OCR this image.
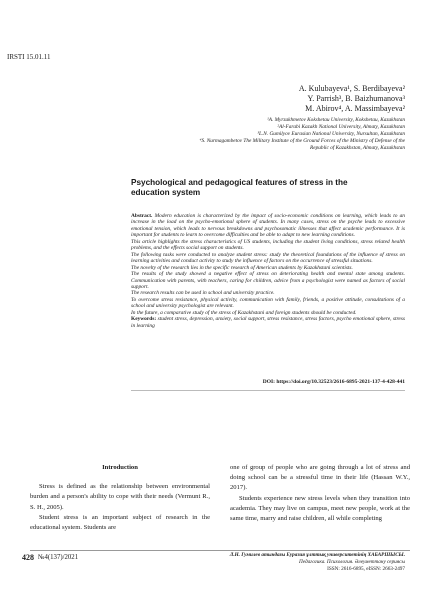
IRSTI 15.01.11
A. Kulubayeva¹, S. Berdibayeva²
Y. Parrish³, B. Baizhumanova³
M. Abirov⁴, A. Massimbayeva²
¹A. Myrzakhmetov Kokshetau University, Kokshetau, Kazakhstan
²Al-Farabi Kazakh National University, Almaty, Kazakhstan
³L.N. Gumilyov Eurasian National University, Nursultan, Kazakhstan
⁴S. Nurmagambetov The Military Institute of the Ground Forces of the Ministry of Defense of the
Republic of Kazakhstan, Almaty, Kazakhstan
Psychological and pedagogical features of stress in the education system

Abstract. Modern education is characterized by the impact of socio-economic conditions on learning, which leads to an increase in the load on the psycho-emotional sphere of students. In many cases, stress on the psyche leads to excessive emotional tension, which leads to nervous breakdowns and psychosomatic illnesses that affect academic performance. It is important for students to learn to overcome difficulties and be able to adapt to new learning conditions.

This article highlights the stress characteristics of US students, including the student living conditions, stress related health problems, and the effects social support on students.

The following tasks were conducted to analyze student stress: study the theoretical foundations of the influence of stress on learning activities and conduct activity to study the influence of factors on the occurrence of stressful situations.

The novelty of the research lies in the specific research of American students by Kazakhstani scientists.

The results of the study showed a negative effect of stress on deteriorating health and mental state among students. Communication with parents, with teachers, caring for children, advice from a psychologist were named as factors of social support.

The research results can be used in school and university practice.

To overcome stress resistance, physical activity, communication with family, friends, a positive attitude, consultations of a school and university psychologist are relevant.

In the future, a comparative study of the stress of Kazakhstani and foreign students should be conducted.

Keywords: student stress, depression, anxiety, social support, stress resistance, stress factors, psycho emotional sphere, stress in learning

DOI: https://doi.org/10.32523/2616-6895-2021-137-4-428-441

Introduction

Stress is defined as the relationship between environmental burden and a person's ability to cope with their needs (Vermunt R., S. H., 2005).

Student stress is an important subject of research in the educational system. Students are

one of group of people who are going through a lot of stress and doing school can be a stressful time in their life (Hassan W.Y., 2017).

Students experience new stress levels when they transition into academia. They may live on campus, meet new people, work at the same time, marry and raise children, all while completing

428 №4(137)/2021	Л.Н. Гумилев атындағы Еуразия ұлттық университетінің ХАБАРШЫСЫ.
Педагогика. Психология. Әлеуметтану сериясы
ISSN: 2616-6895, eISSN: 2663-2497
